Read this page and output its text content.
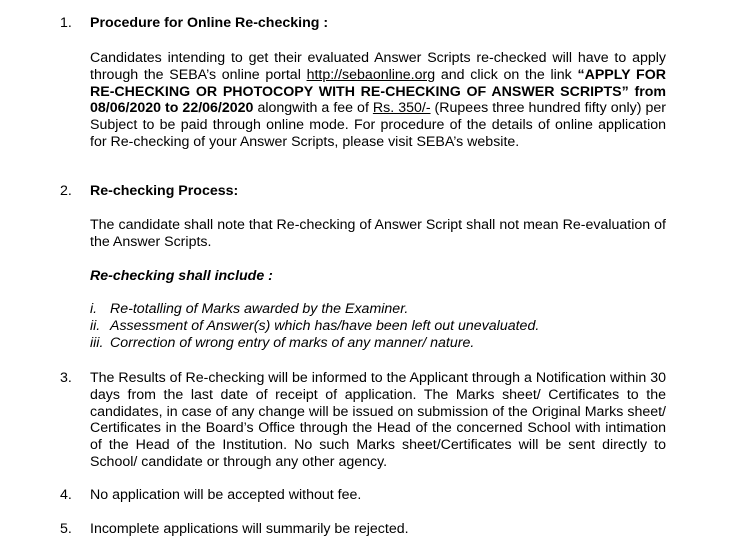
1.	Procedure for Online Re-checking :
Candidates intending to get their evaluated Answer Scripts re-checked will have to apply through the SEBA’s online portal http://sebaonline.org and click on the link “APPLY FOR RE-CHECKING OR PHOTOCOPY WITH RE-CHECKING OF ANSWER SCRIPTS” from 08/06/2020 to 22/06/2020 alongwith a fee of Rs. 350/- (Rupees three hundred fifty only) per Subject to be paid through online mode. For procedure of the details of online application for Re-checking of your Answer Scripts, please visit SEBA’s website.
2.	Re-checking Process:
The candidate shall note that Re-checking of Answer Script shall not mean Re-evaluation of the Answer Scripts.
Re-checking shall include :
i. Re-totalling of Marks awarded by the Examiner.
ii. Assessment of Answer(s) which has/have been left out unevaluated.
iii. Correction of wrong entry of marks of any manner/ nature.
3.	The Results of Re-checking will be informed to the Applicant through a Notification within 30 days from the last date of receipt of application. The Marks sheet/ Certificates to the candidates, in case of any change will be issued on submission of the Original Marks sheet/ Certificates in the Board’s Office through the Head of the concerned School with intimation of the Head of the Institution. No such Marks sheet/Certificates will be sent directly to School/ candidate or through any other agency.
4.	No application will be accepted without fee.
5.	Incomplete applications will summarily be rejected.
